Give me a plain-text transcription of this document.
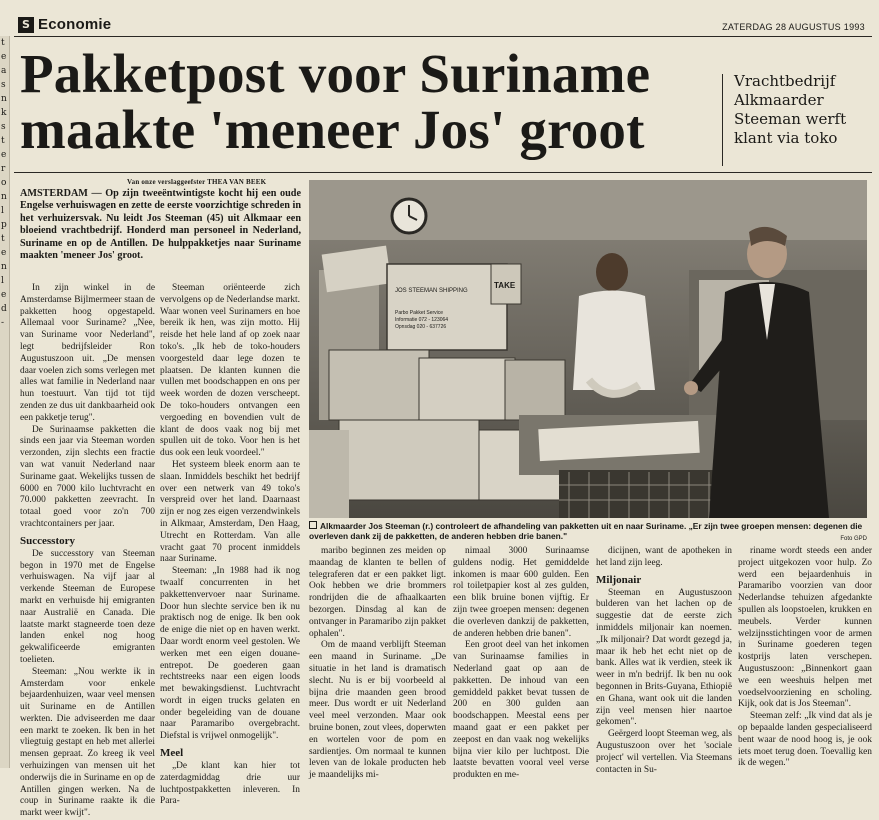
t
e
a
s
n
k
s
t
e
r
o
n
l
p
t
e
n
l
e
d
-
S Economie	ZATERDAG 28 AUGUSTUS 1993
Pakketpost voor Suriname
maakte 'meneer Jos' groot
Vrachtbedrijf
Alkmaarder
Steeman werft
klant via toko
Van onze verslaggeefster THEA VAN BEEK
AMSTERDAM — Op zijn tweeëntwintigste kocht hij een oude Engelse verhuiswagen en zette de eerste voorzichtige schreden in het verhuizersvak. Nu leidt Jos Steeman (45) uit Alkmaar een bloeiend vrachtbedrijf. Honderd man personeel in Nederland, Suriname en op de Antillen. De hulppakketjes naar Suriname maakten 'meneer Jos' groot.

In zijn winkel in de Amsterdamse Bijlmermeer staan de pakketten hoog opgestapeld. Allemaal voor Suriname? „Nee, van Suriname voor Nederland", legt bedrijfsleider Ron Augustuszoon uit. „De mensen daar voelen zich soms verlegen met alles wat familie in Nederland naar hun toestuurt. Van tijd tot tijd zenden ze dus uit dankbaarheid ook een pakketje terug".

De Surinaamse pakketten die sinds een jaar via Steeman worden verzonden, zijn slechts een fractie van wat vanuit Nederland naar Suriname gaat. Wekelijks tussen de 6000 en 7000 kilo luchtvracht en 70.000 pakketten zeevracht. In totaal goed voor zo'n 700 vrachtcontainers per jaar.

Successtory

De successtory van Steeman begon in 1970 met de Engelse verhuiswagen. Na vijf jaar al verkende Steeman de Europese markt en verhuisde hij emigranten naar Australië en Canada. Die laatste markt stagneerde toen deze landen enkel nog hoog gekwalificeerde emigranten toelieten.

Steeman: „Nou werkte ik in Amsterdam voor enkele bejaardenhuizen, waar veel mensen uit Suriname en de Antillen werkten. Die adviseerden me daar een markt te zoeken. Ik ben in het vliegtuig gestapt en heb met allerlei mensen gepraat. Zo kreeg ik veel verhuizingen van mensen uit het onderwijs die in Suriname en op de Antillen gingen werken. Na de coup in Suriname raakte ik die markt weer kwijt".

Steeman oriënteerde zich vervolgens op de Nederlandse markt. Waar wonen veel Surinamers en hoe bereik ik hen, was zijn motto. Hij reisde het hele land af op zoek naar toko's. „Ik heb de toko-houders voorgesteld daar lege dozen te plaatsen. De klanten kunnen die vullen met boodschappen en ons per week worden de dozen verscheept. De toko-houders ontvangen een vergoeding en bovendien vult de klant de doos vaak nog bij met spullen uit de toko. Voor hen is het dus ook een leuk voordeel."

Het systeem bleek enorm aan te slaan. Inmiddels beschikt het bedrijf over een netwerk van 49 toko's verspreid over het land. Daarnaast zijn er nog zes eigen verzendwinkels in Alkmaar, Amsterdam, Den Haag, Utrecht en Rotterdam. Van alle vracht gaat 70 procent inmiddels naar Suriname.

Steeman: „In 1988 had ik nog twaalf concurrenten in het pakkettenvervoer naar Suriname. Door hun slechte service ben ik nu praktisch nog de enige. Ik ben ook de enige die niet op en haven werkt. Daar wordt enorm veel gestolen. We werken met een eigen douane-entrepot. De goederen gaan rechtstreeks naar een eigen loods met bewakingsdienst. Luchtvracht wordt in eigen trucks gelaten en onder begeleiding van de douane naar Paramaribo overgebracht. Diefstal is vrijwel onmogelijk".

Meel

„De klant kan hier tot zaterdagmiddag drie uur luchtpostpakketten inleveren. In Para-

JOS STEEMAN SHIPPING
Parbo Pakket Service
Informatie 072 - 123064
Opnsdag 020 - 637726
TAKE
Alkmaarder Jos Steeman (r.) controleert de afhandeling van pakketten uit en naar Suriname. „Er zijn twee groepen mensen: degenen die overleven dank zij de pakketten, de anderen hebben drie banen."	Foto GPD

maribo beginnen zes meiden op maandag de klanten te bellen of telegraferen dat er een pakket ligt. Ook hebben we drie brommers rondrijden die de afhaalkaarten bezorgen. Dinsdag al kan de ontvanger in Paramaribo zijn pakket ophalen".

Om de maand verblijft Steeman een maand in Suriname. „De situatie in het land is dramatisch slecht. Nu is er bij voorbeeld al bijna drie maanden geen brood meer. Dus wordt er uit Nederland veel meel verzonden. Maar ook bruine bonen, zout vlees, doperwten en wortelen voor de pom en sardientjes. Om normaal te kunnen leven van de lokale producten heb je maandelijks mi-

nimaal 3000 Surinaamse guldens nodig. Het gemiddelde inkomen is maar 600 gulden. Een rol toiletpapier kost al zes gulden, een blik bruine bonen vijftig. Er zijn twee groepen mensen: degenen die overleven dankzij de pakketten, de anderen hebben drie banen".

Een groot deel van het inkomen van Surinaamse families in Nederland gaat op aan de pakketten. De inhoud van een gemiddeld pakket bevat tussen de 200 en 300 gulden aan boodschappen. Meestal eens per maand gaat er een pakket per zeepost en dan vaak nog wekelijks bijna vier kilo per luchtpost. Die laatste bevatten vooral veel verse produkten en me-

dicijnen, want de apotheken in het land zijn leeg.

Miljonair

Steeman en Augustuszoon bulderen van het lachen op de suggestie dat de eerste zich inmiddels miljonair kan noemen. „Ik miljonair? Dat wordt gezegd ja, maar ik heb het echt niet op de bank. Alles wat ik verdien, steek ik weer in m'n bedrijf. Ik ben nu ook begonnen in Brits-Guyana, Ethiopië en Ghana, want ook uit die landen zijn veel mensen hier naartoe gekomen".

Geërgerd loopt Steeman weg, als Augustuszoon over het 'sociale project' wil vertellen. Via Steemans contacten in Su-

riname wordt steeds een ander project uitgekozen voor hulp. Zo werd een bejaardenhuis in Paramaribo voorzien van door Nederlandse tehuizen afgedankte spullen als loopstoelen, krukken en meubels. Verder kunnen welzijnsstichtingen voor de armen in Suriname goederen tegen kostprijs laten verschepen. Augustuszoon: „Binnenkort gaan we een weeshuis helpen met voedselvoorziening en scholing. Kijk, ook dat is Jos Steeman".

Steeman zelf: „Ik vind dat als je op bepaalde landen gespecialiseerd bent waar de nood hoog is, je ook iets moet terug doen. Toevallig ken ik de wegen."
